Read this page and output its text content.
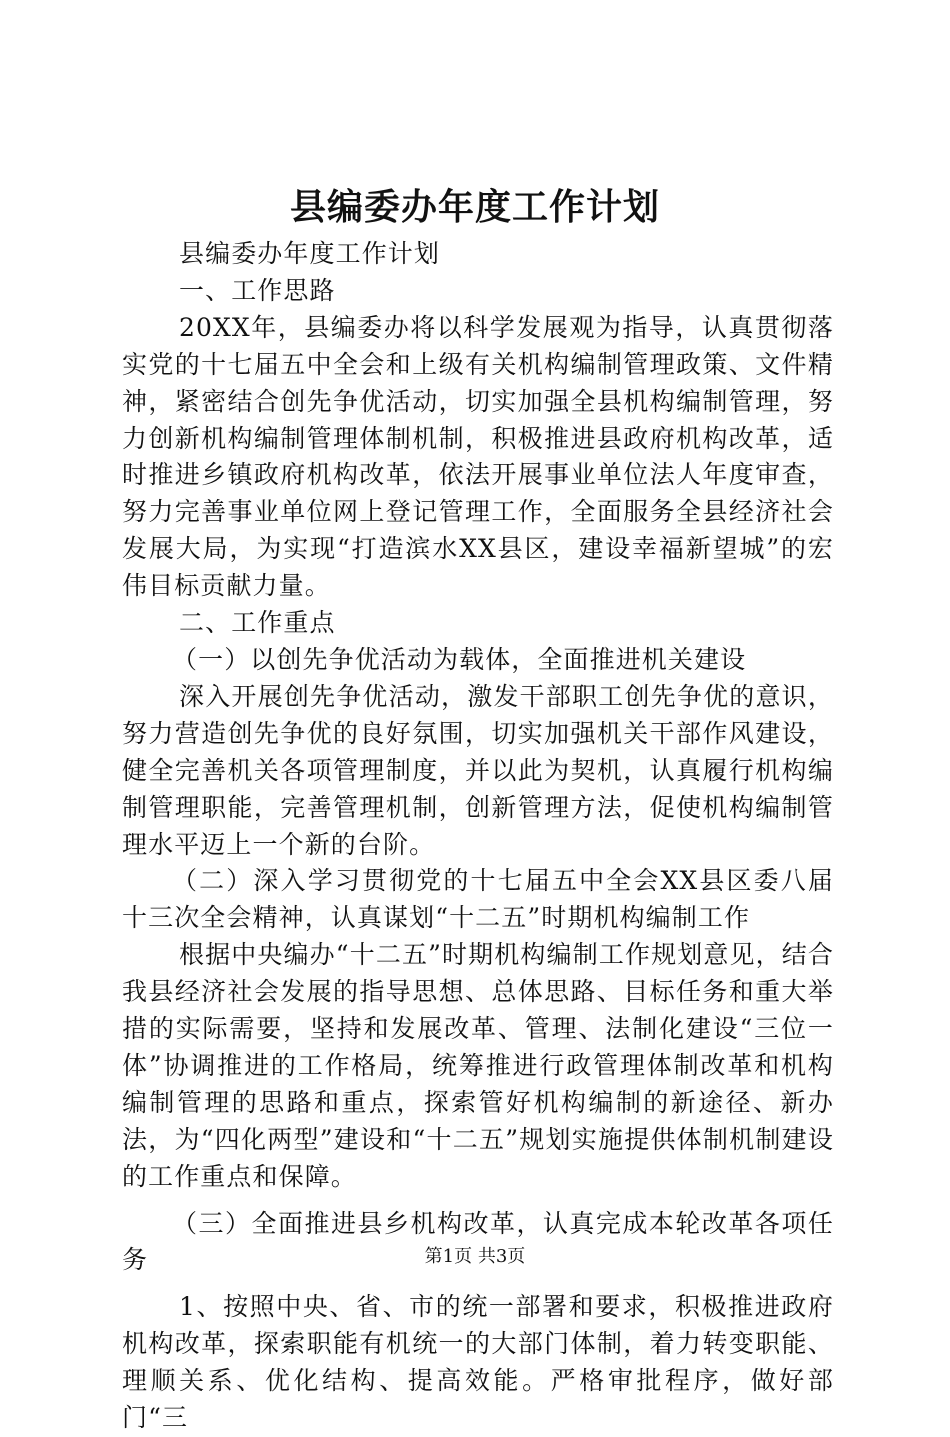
县编委办年度工作计划

县编委办年度工作计划

一、工作思路

20XX年，县编委办将以科学发展观为指导，认真贯彻落实党的十七届五中全会和上级有关机构编制管理政策、文件精神，紧密结合创先争优活动，切实加强全县机构编制管理，努力创新机构编制管理体制机制，积极推进县政府机构改革，适时推进乡镇政府机构改革，依法开展事业单位法人年度审查，努力完善事业单位网上登记管理工作，全面服务全县经济社会发展大局，为实现“打造滨水XX县区，建设幸福新望城”的宏伟目标贡献力量。

二、工作重点

（一）以创先争优活动为载体，全面推进机关建设

深入开展创先争优活动，激发干部职工创先争优的意识，努力营造创先争优的良好氛围，切实加强机关干部作风建设，健全完善机关各项管理制度，并以此为契机，认真履行机构编制管理职能，完善管理机制，创新管理方法，促使机构编制管理水平迈上一个新的台阶。

（二）深入学习贯彻党的十七届五中全会XX县区委八届十三次全会精神，认真谋划“十二五”时期机构编制工作

根据中央编办“十二五”时期机构编制工作规划意见，结合我县经济社会发展的指导思想、总体思路、目标任务和重大举措的实际需要，坚持和发展改革、管理、法制化建设“三位一体”协调推进的工作格局，统筹推进行政管理体制改革和机构编制管理的思路和重点，探索管好机构编制的新途径、新办法，为“四化两型”建设和“十二五”规划实施提供体制机制建设的工作重点和保障。

（三）全面推进县乡机构改革，认真完成本轮改革各项任务

1、按照中央、省、市的统一部署和要求，积极推进政府机构改革，探索职能有机统一的大部门体制，着力转变职能、理顺关系、优化结构、提高效能。严格审批程序，做好部门“三

第1页 共3页
